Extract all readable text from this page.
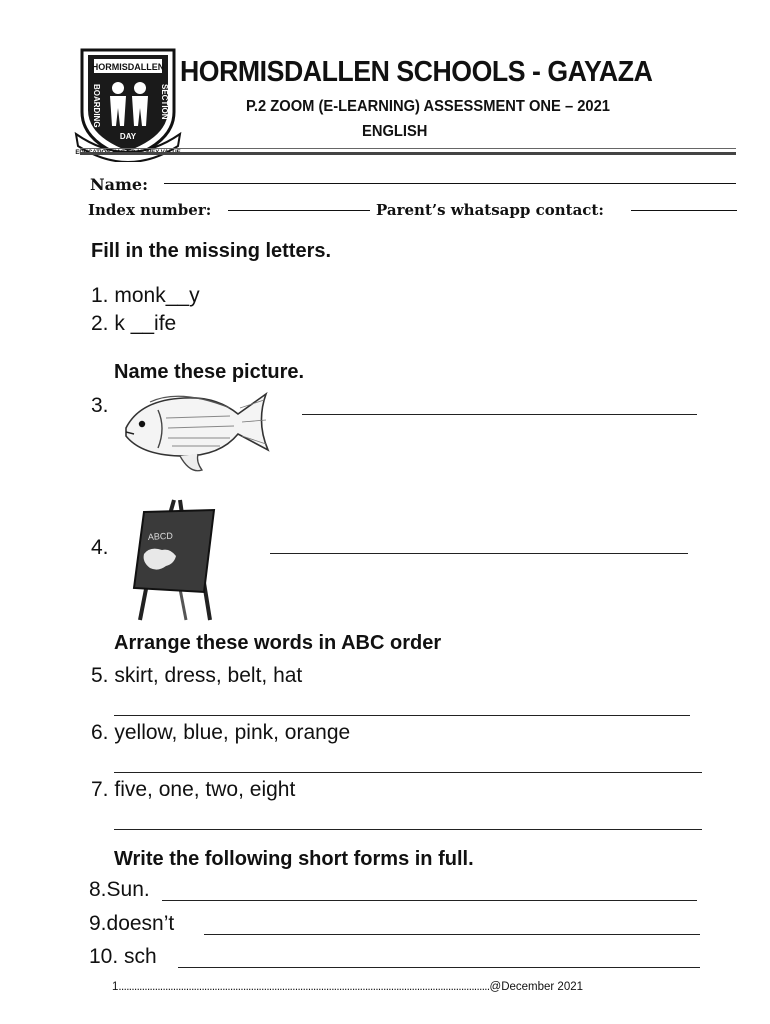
HORMISDALLEN
BOARDING	SECTION
DAY
EDUCATION HAS NO MONEY VALUE
HORMISDALLEN SCHOOLS - GAYAZA
P.2 ZOOM (E-LEARNING) ASSESSMENT ONE – 2021
ENGLISH
Name:
Index number:	Parent’s whatsapp contact:
Fill in the missing letters.
1. monk__y
2. k __ife
Name these picture.
3.
4.	ABCD
Arrange these words in ABC order
5. skirt, dress, belt, hat
6. yellow, blue, pink, orange
7. five, one, two, eight
Write the following short forms in full.
8.Sun.
9.doesn’t
10. sch
1...............................................................................................................................................@December 2021
